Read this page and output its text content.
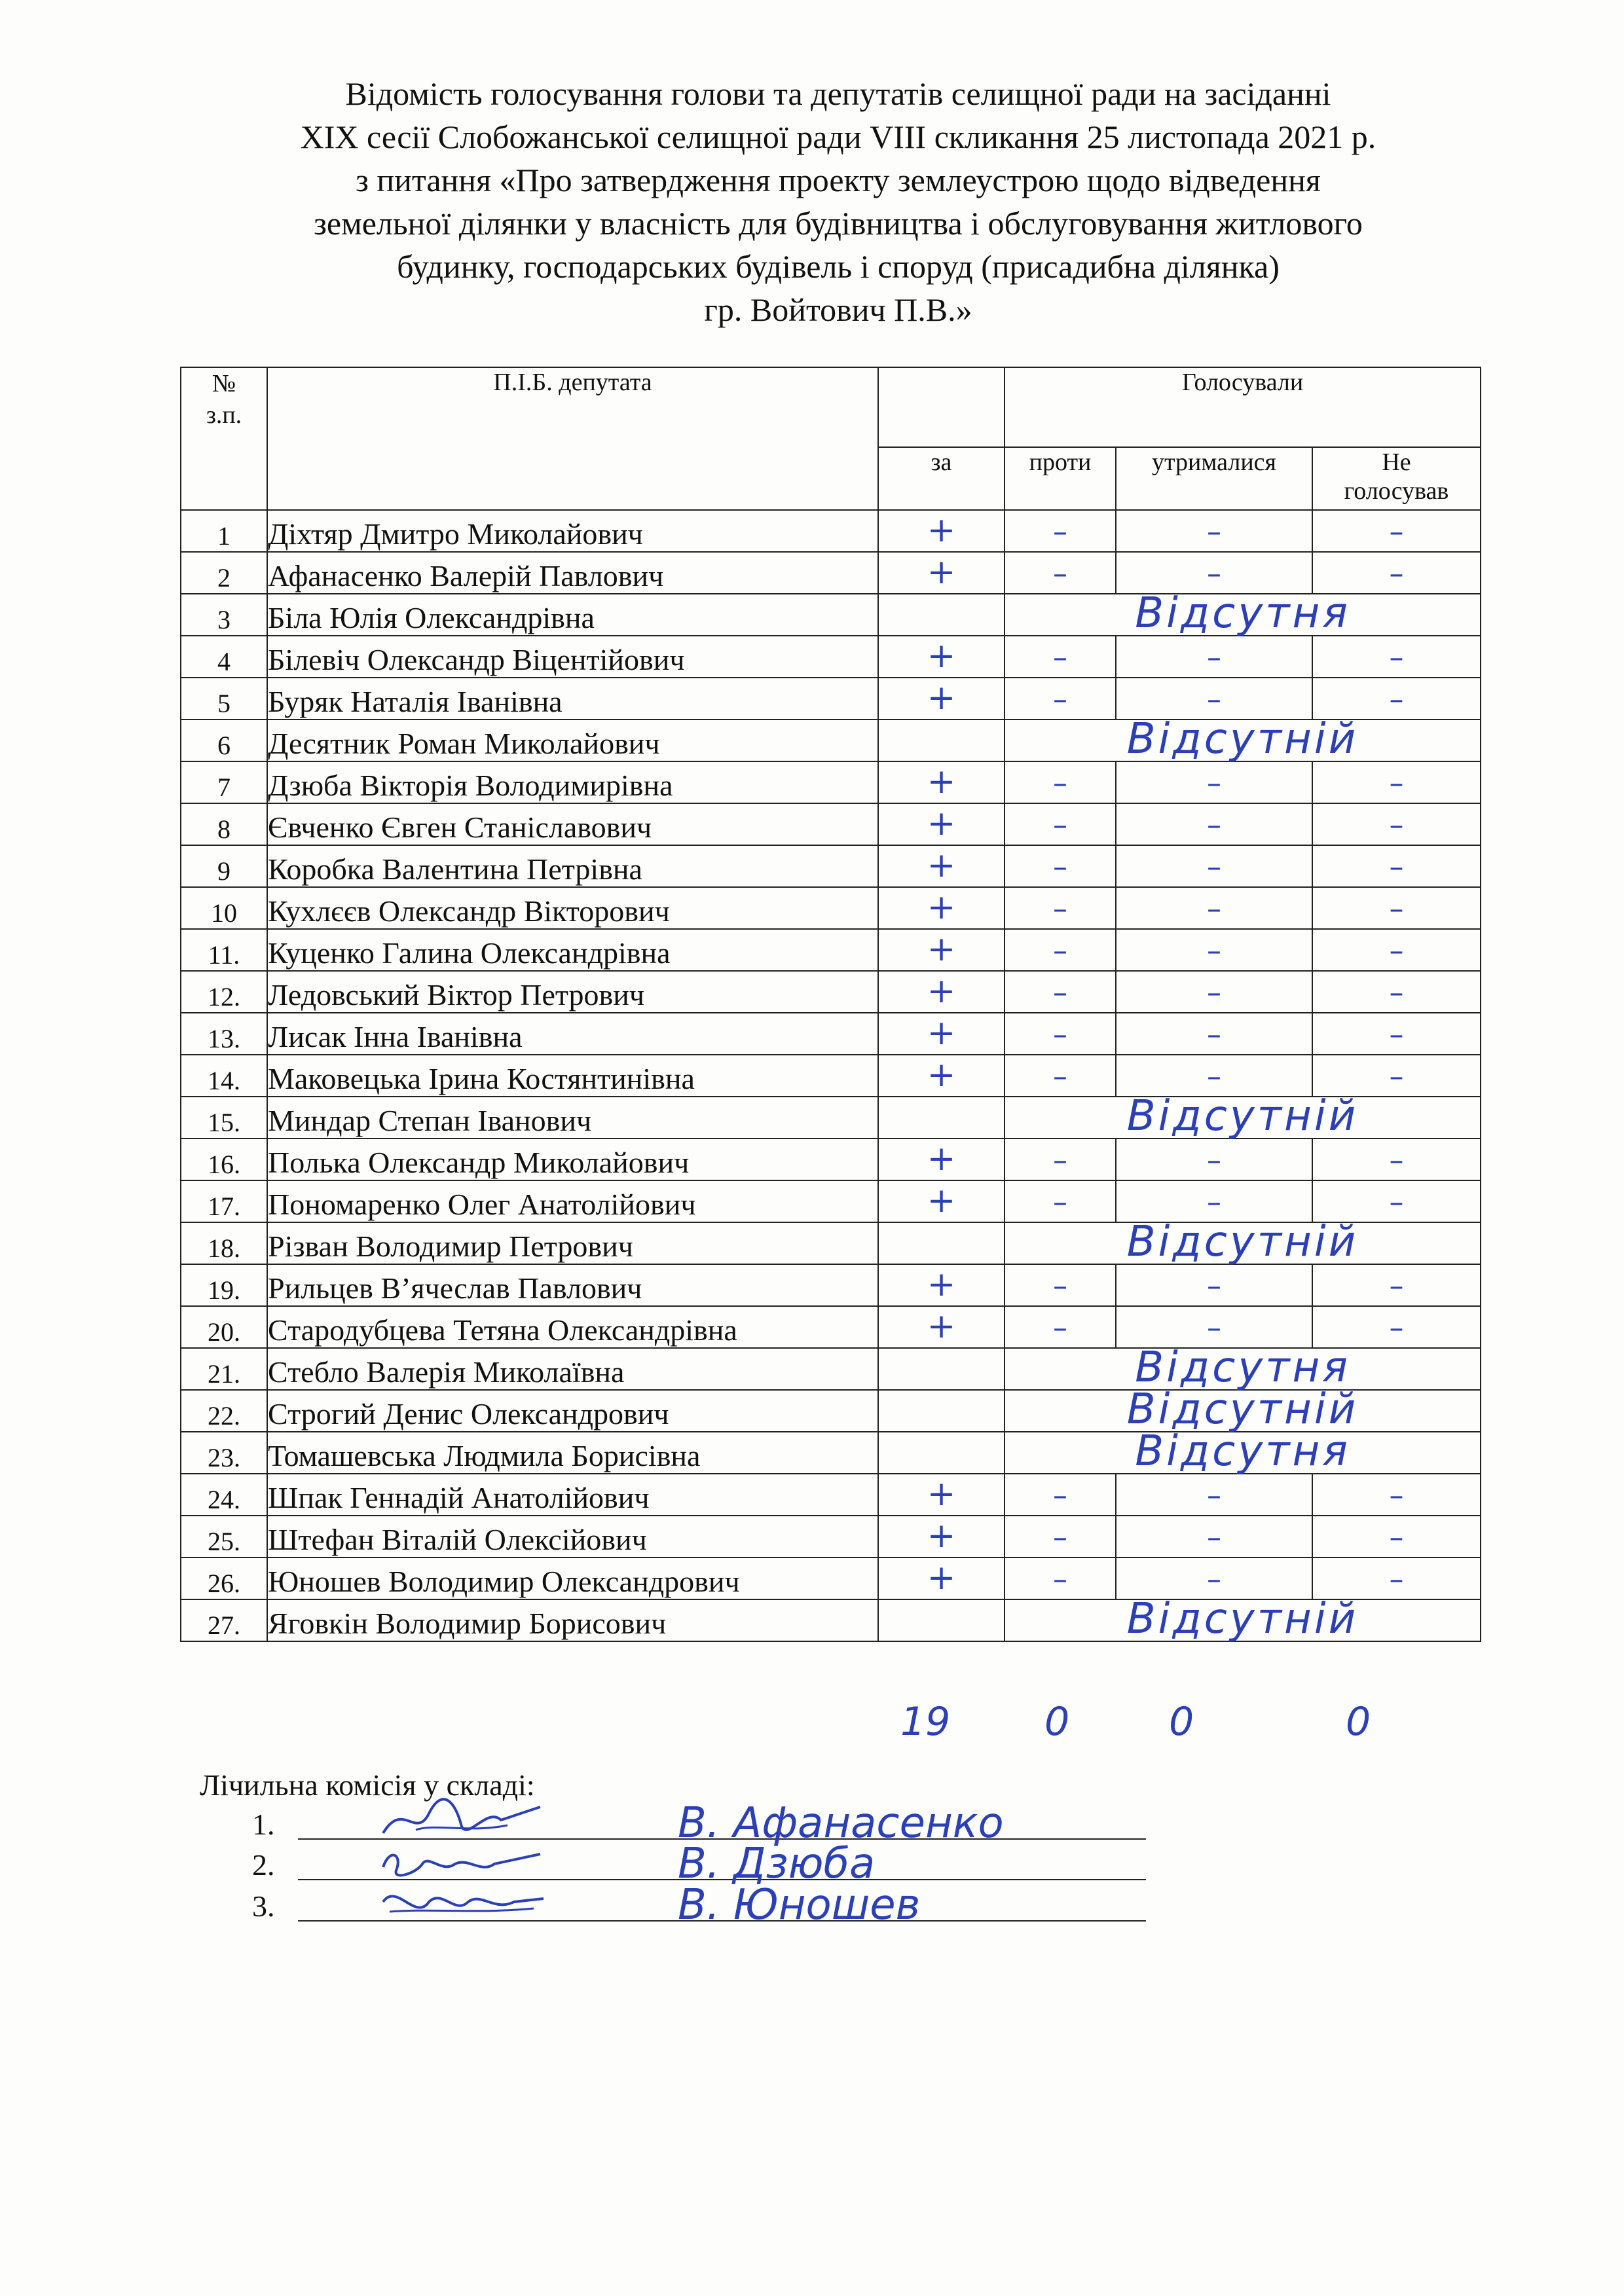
Відомість голосування голови та депутатів селищної ради на засіданні
ХІХ сесії Слобожанської селищної ради VІІІ скликання 25 листопада 2021 р.
з питання «Про затвердження проекту землеустрою щодо відведення
земельної ділянки у власність для будівництва і обслуговування житлового
будинку, господарських будівель і споруд (присадибна ділянка)
гр. Войтович П.В.»
№
з.п.	П.І.Б. депутата		Голосували		
		за	проти	утрималися	Не
голосував

1	Діхтяр Дмитро Миколайович	+	–	–	–
2	Афанасенко Валерій Павлович	+	–	–	–
3	Біла Юлія Олександрівна		Відсутня		

4	Білевіч Олександр Віцентійович	+	–	–	–
5	Буряк Наталія Іванівна	+	–	–	–
6	Десятник Роман Миколайович		Відсутній		

7	Дзюба Вікторія Володимирівна	+	–	–	–
8	Євченко Євген Станіславович	+	–	–	–
9	Коробка Валентина Петрівна	+	–	–	–
10	Кухлєєв Олександр Вікторович	+	–	–	–
11.	Куценко Галина Олександрівна	+	–	–	–
12.	Ледовський Віктор Петрович	+	–	–	–
13.	Лисак Інна Іванівна	+	–	–	–
14.	Маковецька Ірина Костянтинівна	+	–	–	–
15.	Миндар Степан Іванович		Відсутній		

16.	Полька Олександр Миколайович	+	–	–	–
17.	Пономаренко Олег Анатолійович	+	–	–	–
18.	Різван Володимир Петрович		Відсутній		

19.	Рильцев В’ячеслав Павлович	+	–	–	–
20.	Стародубцева Тетяна Олександрівна	+	–	–	–
21.	Стебло Валерія Миколаївна		Відсутня		

22.	Строгий Денис Олександрович		Відсутній		

23.	Томашевська Людмила Борисівна		Відсутня		

24.	Шпак Геннадій Анатолійович	+	–	–	–
25.	Штефан Віталій Олексійович	+	–	–	–
26.	Юношев Володимир Олександрович	+	–	–	–
27.	Яговкін Володимир Борисович		Відсутній		
19 0	0	0
Лічильна комісія у складі:
1.	В. Афанасенко
2.	В. Дзюба
3.	В. Юношев
